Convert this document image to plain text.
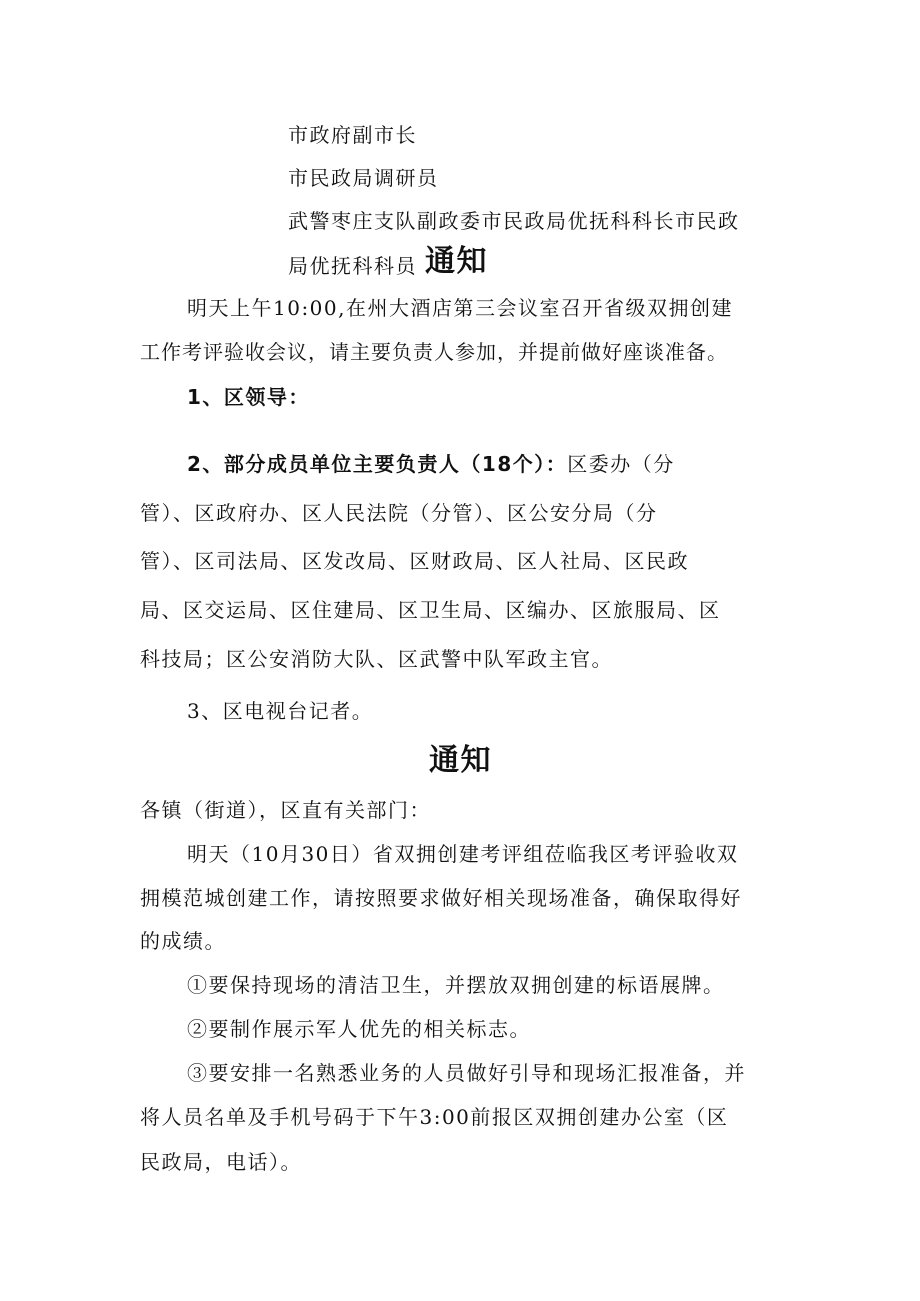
市政府副市长
市民政局调研员
武警枣庄支队副政委市民政局优抚科科长市民政
局优抚科科员 通知
明天上午10:00,在州大酒店第三会议室召开省级双拥创建
工作考评验收会议，请主要负责人参加，并提前做好座谈准备。
1、区领导：
2、部分成员单位主要负责人（18个）：区委办（分
管）、区政府办、区人民法院（分管）、区公安分局（分
管）、区司法局、区发改局、区财政局、区人社局、区民政
局、区交运局、区住建局、区卫生局、区编办、区旅服局、区
科技局；区公安消防大队、区武警中队军政主官。
3、区电视台记者。
通知
各镇（街道），区直有关部门：
明天（10月30日）省双拥创建考评组莅临我区考评验收双
拥模范城创建工作，请按照要求做好相关现场准备，确保取得好
的成绩。
①要保持现场的清洁卫生，并摆放双拥创建的标语展牌。
②要制作展示军人优先的相关标志。
③要安排一名熟悉业务的人员做好引导和现场汇报准备，并
将人员名单及手机号码于下午3:00前报区双拥创建办公室（区
民政局，电话）。
